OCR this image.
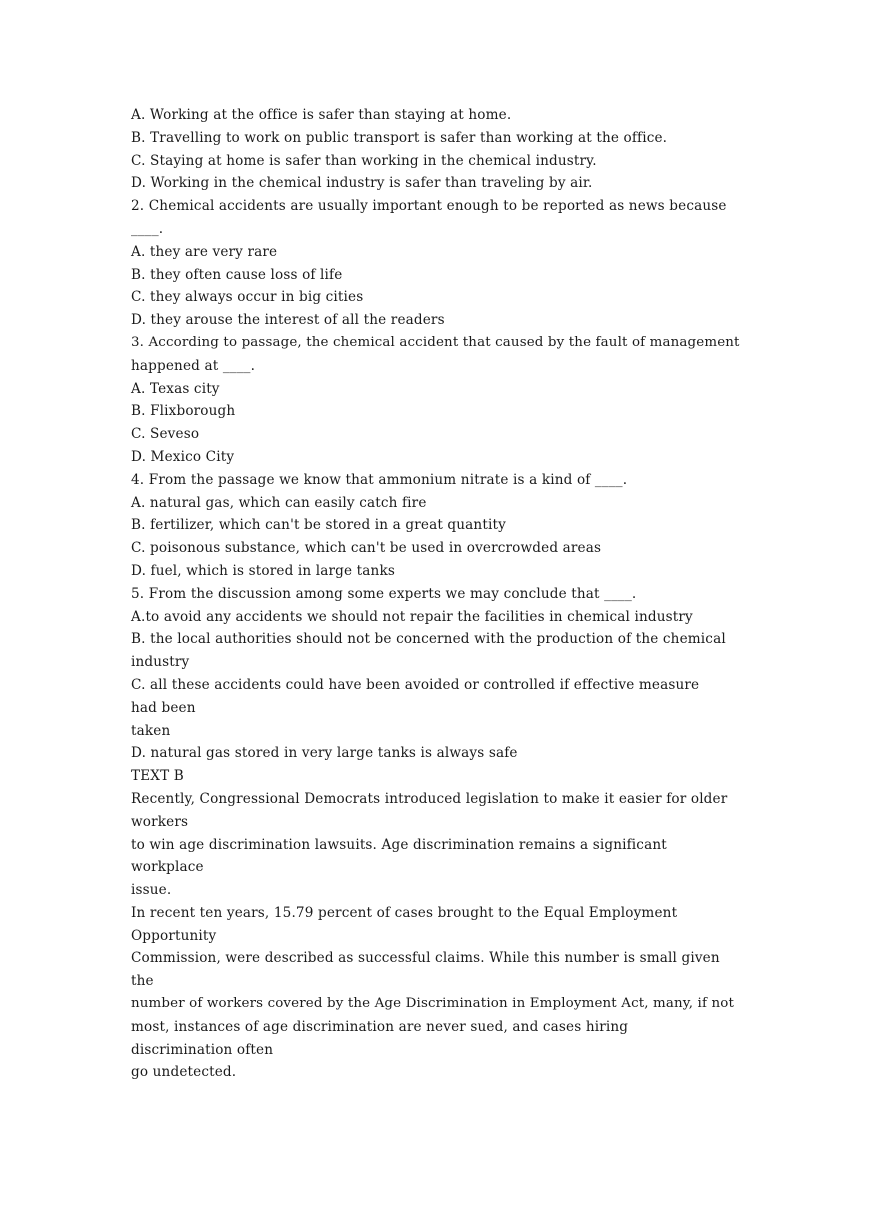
A. Working at the office is safer than staying at home.
B. Travelling to work on public transport is safer than working at the office.
C. Staying at home is safer than working in the chemical industry.
D. Working in the chemical industry is safer than traveling by air.
2. Chemical accidents are usually important enough to be reported as news because
____.
A. they are very rare
B. they often cause loss of life
C. they always occur in big cities
D. they arouse the interest of all the readers
3. According to passage, the chemical accident that caused by the fault of management
happened at ____.
A. Texas city
B. Flixborough
C. Seveso
D. Mexico City
4. From the passage we know that ammonium nitrate is a kind of ____.
A. natural gas, which can easily catch fire
B. fertilizer, which can't be stored in a great quantity
C. poisonous substance, which can't be used in overcrowded areas
D. fuel, which is stored in large tanks
5. From the discussion among some experts we may conclude that ____.
A.to avoid any accidents we should not repair the facilities in chemical industry
B. the local authorities should not be concerned with the production of the chemical
industry
C. all these accidents could have been avoided or controlled if effective measure
had been
taken
D. natural gas stored in very large tanks is always safe
TEXT B
Recently, Congressional Democrats introduced legislation to make it easier for older
workers
to win age discrimination lawsuits. Age discrimination remains a significant
workplace
issue.
In recent ten years, 15.79 percent of cases brought to the Equal Employment
Opportunity
Commission, were described as successful claims. While this number is small given
the
number of workers covered by the Age Discrimination in Employment Act, many, if not
most, instances of age discrimination are never sued, and cases hiring
discrimination often
go undetected.
